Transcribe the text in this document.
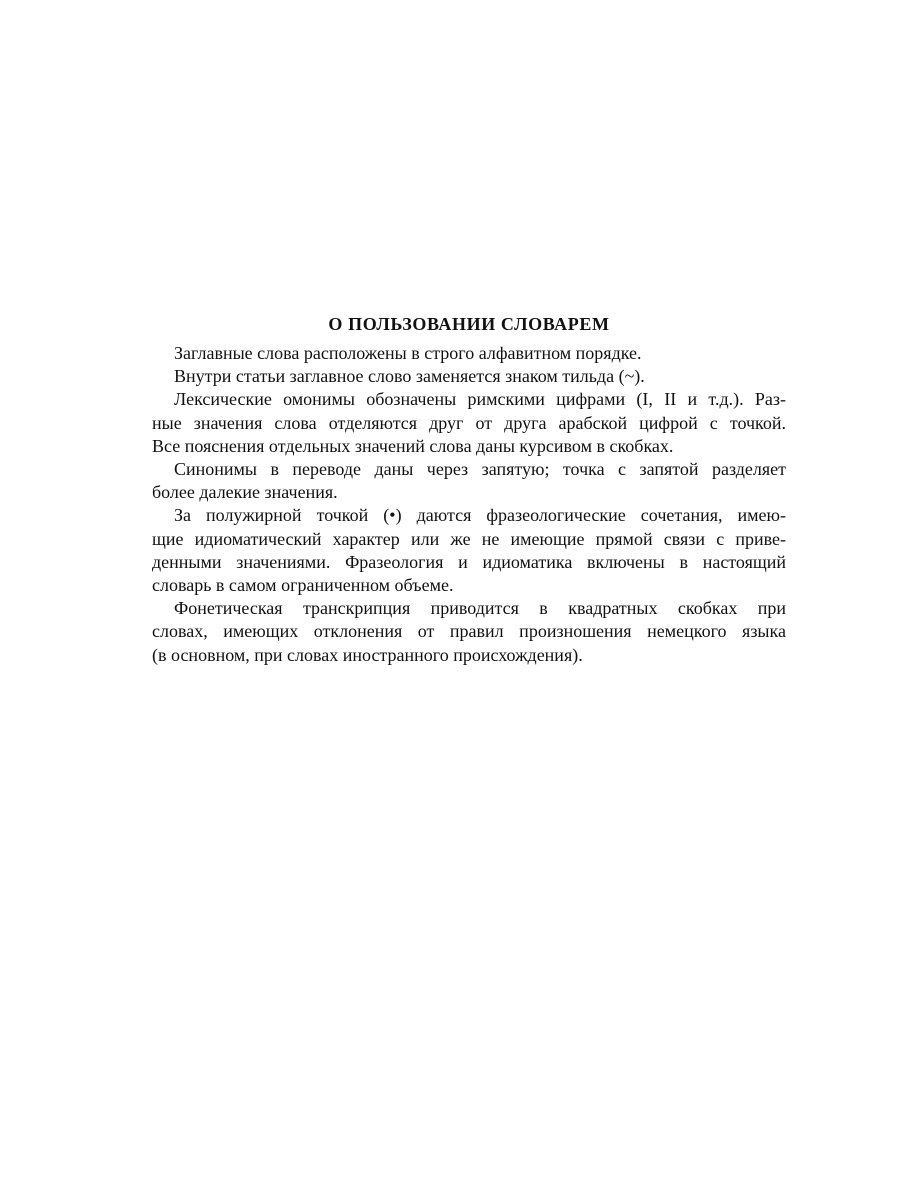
О ПОЛЬЗОВАНИИ СЛОВАРЕМ

Заглавные слова расположены в строго алфавитном порядке.

Внутри статьи заглавное слово заменяется знаком тильда (~).

Лексические омонимы обозначены римскими цифрами (I, II и т.д.). Раз-
ные значения слова отделяются друг от друга арабской цифрой с точкой.
Все пояснения отдельных значений слова даны курсивом в скобках.

Синонимы в переводе даны через запятую; точка с запятой разделяет
более далекие значения.

За полужирной точкой (•) даются фразеологические сочетания, имею-
щие идиоматический характер или же не имеющие прямой связи с приве-
денными значениями. Фразеология и идиоматика включены в настоящий
словарь в самом ограниченном объеме.

Фонетическая транскрипция приводится в квадратных скобках при
словах, имеющих отклонения от правил произношения немецкого языка
(в основном, при словах иностранного происхождения).
